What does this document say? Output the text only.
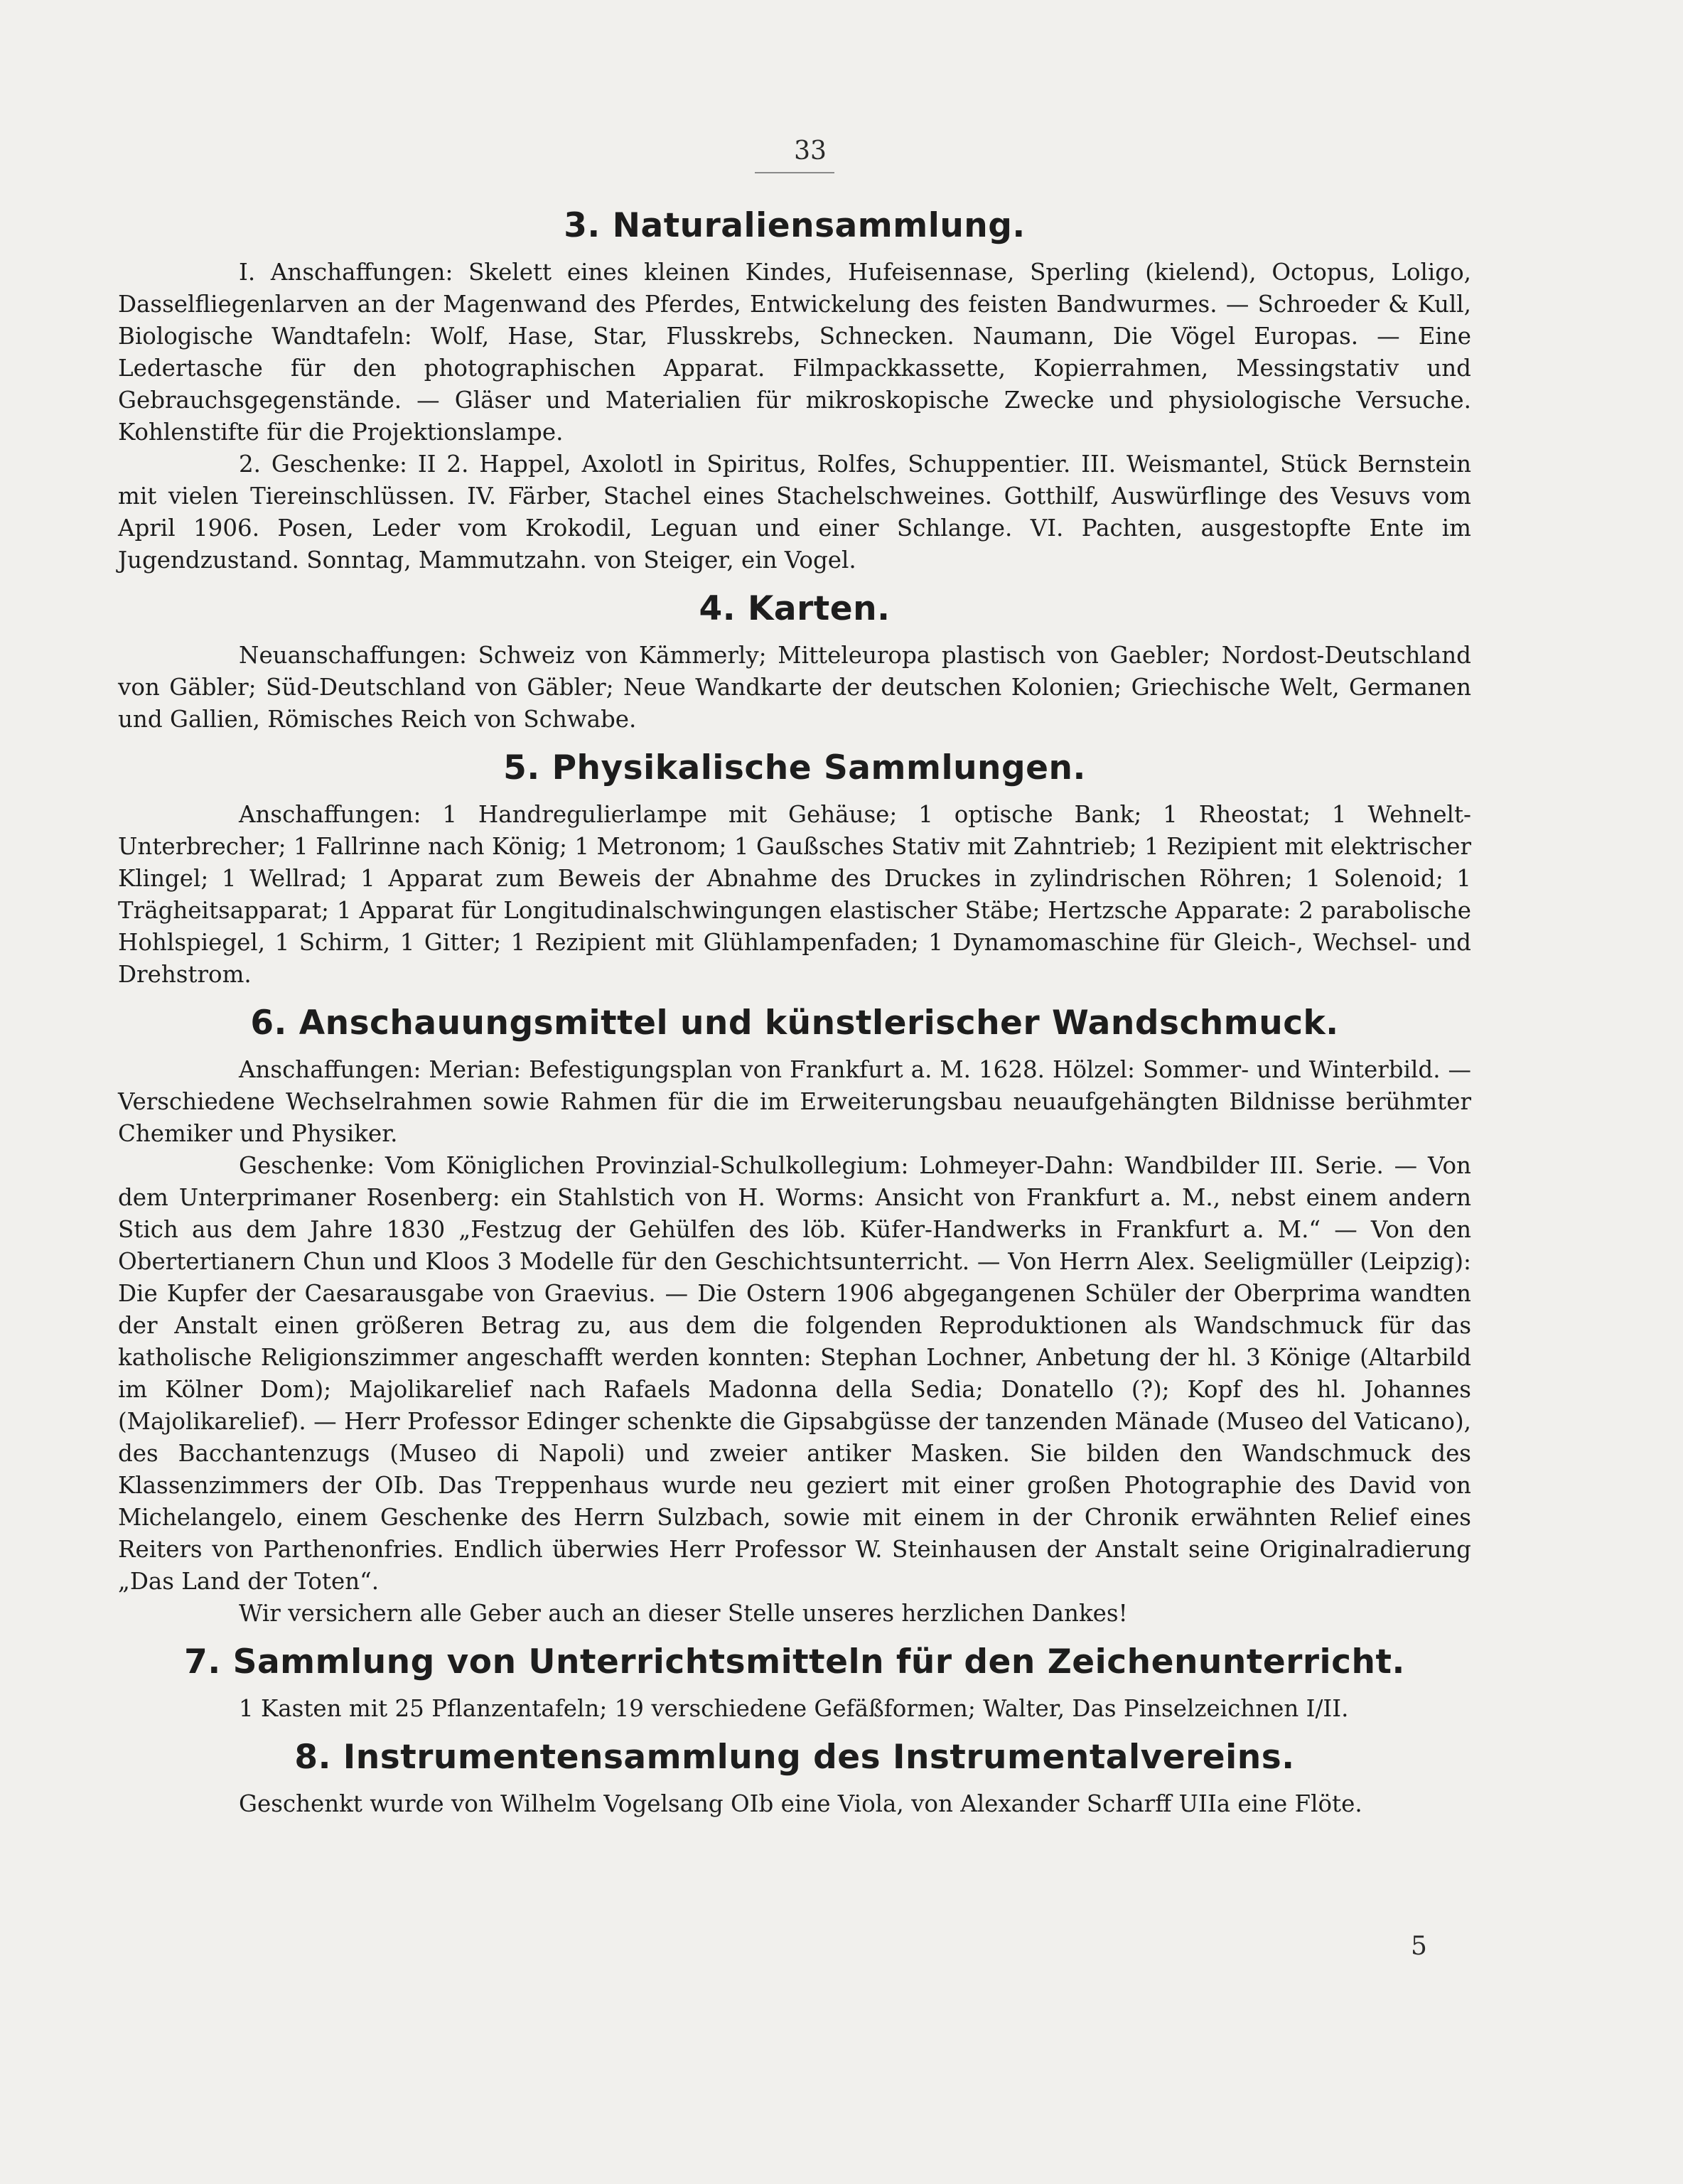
33
3. Naturaliensammlung.

I. Anschaffungen: Skelett eines kleinen Kindes, Hufeisennase, Sperling (kielend), Octopus, Loligo, Dasselfliegenlarven an der Magenwand des Pferdes, Entwickelung des feisten Bandwurmes. — Schroeder & Kull, Biologische Wandtafeln: Wolf, Hase, Star, Flusskrebs, Schnecken. Naumann, Die Vögel Europas. — Eine Ledertasche für den photographischen Apparat. Filmpackkassette, Kopierrahmen, Messingstativ und Gebrauchsgegenstände. — Gläser und Materialien für mikroskopische Zwecke und physiologische Versuche. Kohlenstifte für die Projektionslampe.

2. Geschenke: II 2. Happel, Axolotl in Spiritus, Rolfes, Schuppentier. III. Weismantel, Stück Bernstein mit vielen Tiereinschlüssen. IV. Färber, Stachel eines Stachelschweines. Gotthilf, Auswürflinge des Vesuvs vom April 1906. Posen, Leder vom Krokodil, Leguan und einer Schlange. VI. Pachten, ausgestopfte Ente im Jugendzustand. Sonntag, Mammutzahn. von Steiger, ein Vogel.

4. Karten.

Neuanschaffungen: Schweiz von Kämmerly; Mitteleuropa plastisch von Gaebler; Nordost-Deutschland von Gäbler; Süd-Deutschland von Gäbler; Neue Wandkarte der deutschen Kolonien; Griechische Welt, Germanen und Gallien, Römisches Reich von Schwabe.

5. Physikalische Sammlungen.

Anschaffungen: 1 Handregulierlampe mit Gehäuse; 1 optische Bank; 1 Rheostat; 1 Wehnelt-Unterbrecher; 1 Fallrinne nach König; 1 Metronom; 1 Gaußsches Stativ mit Zahntrieb; 1 Rezipient mit elektrischer Klingel; 1 Wellrad; 1 Apparat zum Beweis der Abnahme des Druckes in zylindrischen Röhren; 1 Solenoid; 1 Trägheitsapparat; 1 Apparat für Longitudinalschwingungen elastischer Stäbe; Hertzsche Apparate: 2 parabolische Hohlspiegel, 1 Schirm, 1 Gitter; 1 Rezipient mit Glühlampenfaden; 1 Dynamomaschine für Gleich-, Wechsel- und Drehstrom.

6. Anschauungsmittel und künstlerischer Wandschmuck.

Anschaffungen: Merian: Befestigungsplan von Frankfurt a. M. 1628. Hölzel: Sommer- und Winterbild. — Verschiedene Wechselrahmen sowie Rahmen für die im Erweiterungsbau neuaufgehängten Bildnisse berühmter Chemiker und Physiker.

Geschenke: Vom Königlichen Provinzial-Schulkollegium: Lohmeyer-Dahn: Wandbilder III. Serie. — Von dem Unterprimaner Rosenberg: ein Stahlstich von H. Worms: Ansicht von Frankfurt a. M., nebst einem andern Stich aus dem Jahre 1830 „Festzug der Gehülfen des löb. Küfer-Handwerks in Frankfurt a. M.“ — Von den Obertertianern Chun und Kloos 3 Modelle für den Geschichtsunterricht. — Von Herrn Alex. Seeligmüller (Leipzig): Die Kupfer der Caesarausgabe von Graevius. — Die Ostern 1906 abgegangenen Schüler der Oberprima wandten der Anstalt einen größeren Betrag zu, aus dem die folgenden Reproduktionen als Wandschmuck für das katholische Religionszimmer angeschafft werden konnten: Stephan Lochner, Anbetung der hl. 3 Könige (Altarbild im Kölner Dom); Majolikarelief nach Rafaels Madonna della Sedia; Donatello (?); Kopf des hl. Johannes (Majolikarelief). — Herr Professor Edinger schenkte die Gipsabgüsse der tanzenden Mänade (Museo del Vaticano), des Bacchantenzugs (Museo di Napoli) und zweier antiker Masken. Sie bilden den Wandschmuck des Klassenzimmers der OIb. Das Treppenhaus wurde neu geziert mit einer großen Photographie des David von Michelangelo, einem Geschenke des Herrn Sulzbach, sowie mit einem in der Chronik erwähnten Relief eines Reiters von Parthenonfries. Endlich überwies Herr Professor W. Steinhausen der Anstalt seine Originalradierung „Das Land der Toten“.

Wir versichern alle Geber auch an dieser Stelle unseres herzlichen Dankes!

7. Sammlung von Unterrichtsmitteln für den Zeichenunterricht.

1 Kasten mit 25 Pflanzentafeln; 19 verschiedene Gefäßformen; Walter, Das Pinselzeichnen I/II.

8. Instrumentensammlung des Instrumentalvereins.

Geschenkt wurde von Wilhelm Vogelsang OIb eine Viola, von Alexander Scharff UIIa eine Flöte.

5
